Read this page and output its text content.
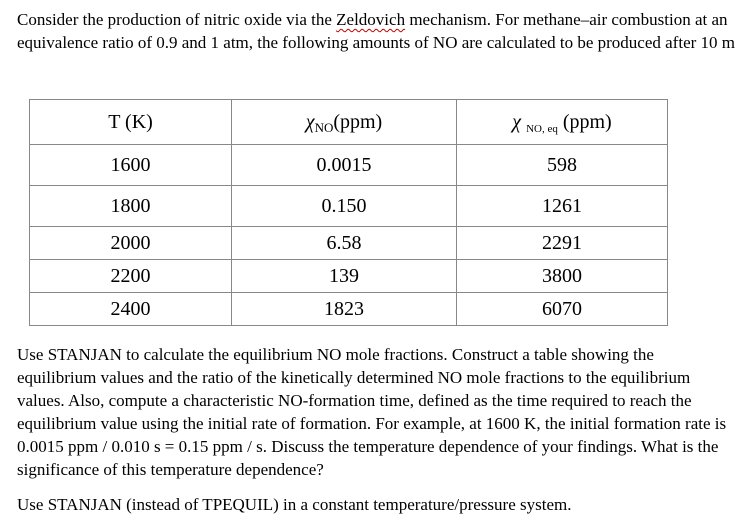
Consider the production of nitric oxide via the Zeldovich mechanism. For methane–air combustion at an equivalence ratio of 0.9 and 1 atm, the following amounts of NO are calculated to be produced after 10 m

T (K)	$\chi_{NO}(ppm)$	χ $_{NO, eq}$ (ppm)
1600	0.0015	598
1800	0.150	1261
2000	6.58	2291
2200	139	3800
2400	1823	6070

Use STANJAN to calculate the equilibrium NO mole fractions. Construct a table showing the equilibrium values and the ratio of the kinetically determined NO mole fractions to the equilibrium values. Also, compute a characteristic NO-formation time, defined as the time required to reach the equilibrium value using the initial rate of formation. For example, at 1600 K, the initial formation rate is 0.0015 ppm / 0.010 s = 0.15 ppm / s. Discuss the temperature dependence of your findings. What is the significance of this temperature dependence?

Use STANJAN (instead of TPEQUIL) in a constant temperature/pressure system.
